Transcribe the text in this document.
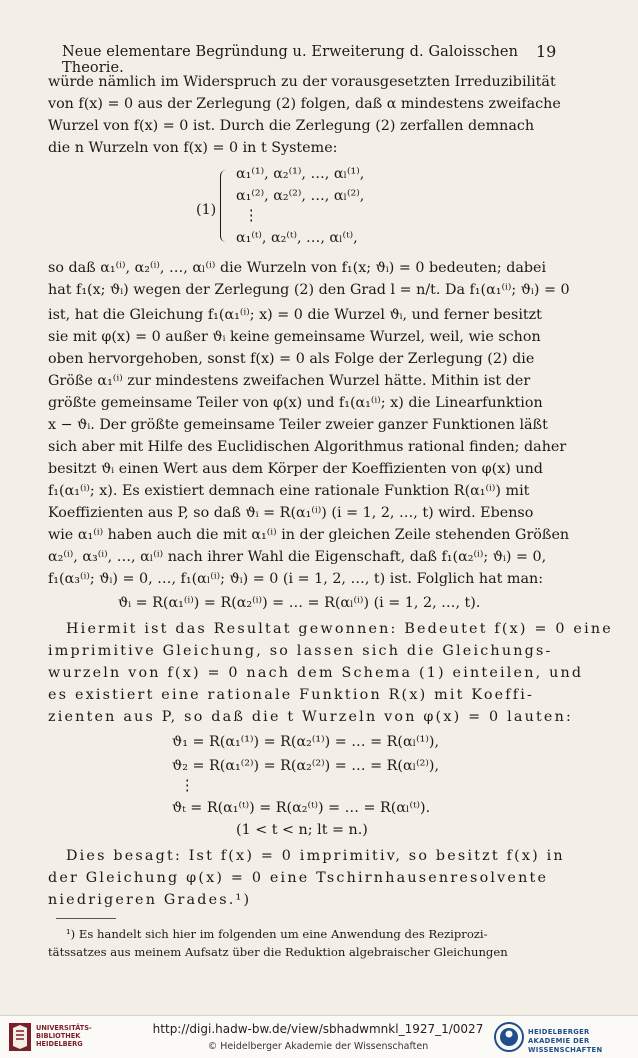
Neue elementare Begründung u. Erweiterung d. Galoisschen Theorie.
19
würde nämlich im Widerspruch zu der vorausgesetzten Irreduzibilität
von f(x) = 0 aus der Zerlegung (2) folgen, daß α mindestens zweifache
Wurzel von f(x) = 0 ist. Durch die Zerlegung (2) zerfallen demnach
die n Wurzeln von f(x) = 0 in t Systeme:
α₁⁽¹⁾, α₂⁽¹⁾, …, αₗ⁽¹⁾,
α₁⁽²⁾, α₂⁽²⁾, …, αₗ⁽²⁾,
(1) ⋮
α₁⁽ᵗ⁾, α₂⁽ᵗ⁾, …, αₗ⁽ᵗ⁾,
so daß α₁⁽ⁱ⁾, α₂⁽ⁱ⁾, …, αₗ⁽ⁱ⁾ die Wurzeln von f₁(x; ϑᵢ) = 0 bedeuten; dabei
hat f₁(x; ϑᵢ) wegen der Zerlegung (2) den Grad l = n/t. Da f₁(α₁⁽ⁱ⁾; ϑᵢ) = 0
ist, hat die Gleichung f₁(α₁⁽ⁱ⁾; x) = 0 die Wurzel ϑᵢ, und ferner besitzt
sie mit φ(x) = 0 außer ϑᵢ keine gemeinsame Wurzel, weil, wie schon
oben hervorgehoben, sonst f(x) = 0 als Folge der Zerlegung (2) die
Größe α₁⁽ⁱ⁾ zur mindestens zweifachen Wurzel hätte. Mithin ist der
größte gemeinsame Teiler von φ(x) und f₁(α₁⁽ⁱ⁾; x) die Linearfunktion
x − ϑᵢ. Der größte gemeinsame Teiler zweier ganzer Funktionen läßt
sich aber mit Hilfe des Euclidischen Algorithmus rational finden; daher
besitzt ϑᵢ einen Wert aus dem Körper der Koeffizienten von φ(x) und
f₁(α₁⁽ⁱ⁾; x). Es existiert demnach eine rationale Funktion R(α₁⁽ⁱ⁾) mit
Koeffizienten aus P, so daß ϑᵢ = R(α₁⁽ⁱ⁾) (i = 1, 2, …, t) wird. Ebenso
wie α₁⁽ⁱ⁾ haben auch die mit α₁⁽ⁱ⁾ in der gleichen Zeile stehenden Größen
α₂⁽ⁱ⁾, α₃⁽ⁱ⁾, …, αₗ⁽ⁱ⁾ nach ihrer Wahl die Eigenschaft, daß f₁(α₂⁽ⁱ⁾; ϑᵢ) = 0,
f₁(α₃⁽ⁱ⁾; ϑᵢ) = 0, …, f₁(αₗ⁽ⁱ⁾; ϑᵢ) = 0 (i = 1, 2, …, t) ist. Folglich hat man:
ϑᵢ = R(α₁⁽ⁱ⁾) = R(α₂⁽ⁱ⁾) = … = R(αₗ⁽ⁱ⁾) (i = 1, 2, …, t).
Hiermit ist das Resultat gewonnen: Bedeutet f(x) = 0 eine
imprimitive Gleichung, so lassen sich die Gleichungs-
wurzeln von f(x) = 0 nach dem Schema (1) einteilen, und
es existiert eine rationale Funktion R(x) mit Koeffi-
zienten aus P, so daß die t Wurzeln von φ(x) = 0 lauten:
ϑ₁ = R(α₁⁽¹⁾) = R(α₂⁽¹⁾) = … = R(αₗ⁽¹⁾),
ϑ₂ = R(α₁⁽²⁾) = R(α₂⁽²⁾) = … = R(αₗ⁽²⁾),
⋮
ϑₜ = R(α₁⁽ᵗ⁾) = R(α₂⁽ᵗ⁾) = … = R(αₗ⁽ᵗ⁾).
(1 < t < n; lt = n.)
Dies besagt: Ist f(x) = 0 imprimitiv, so besitzt f(x) in
der Gleichung φ(x) = 0 eine Tschirnhausenresolvente
niedrigeren Grades.¹)
¹) Es handelt sich hier im folgenden um eine Anwendung des Reziprozi-
tätssatzes aus meinem Aufsatz über die Reduktion algebraischer Gleichungen
UNIVERSITÄTS- BIBLIOTHEK HEIDELBERG
http://digi.hadw-bw.de/view/sbhadwmnkl_1927_1/0027
© Heidelberger Akademie der Wissenschaften
HEIDELBERGER AKADEMIE DER WISSENSCHAFTEN
